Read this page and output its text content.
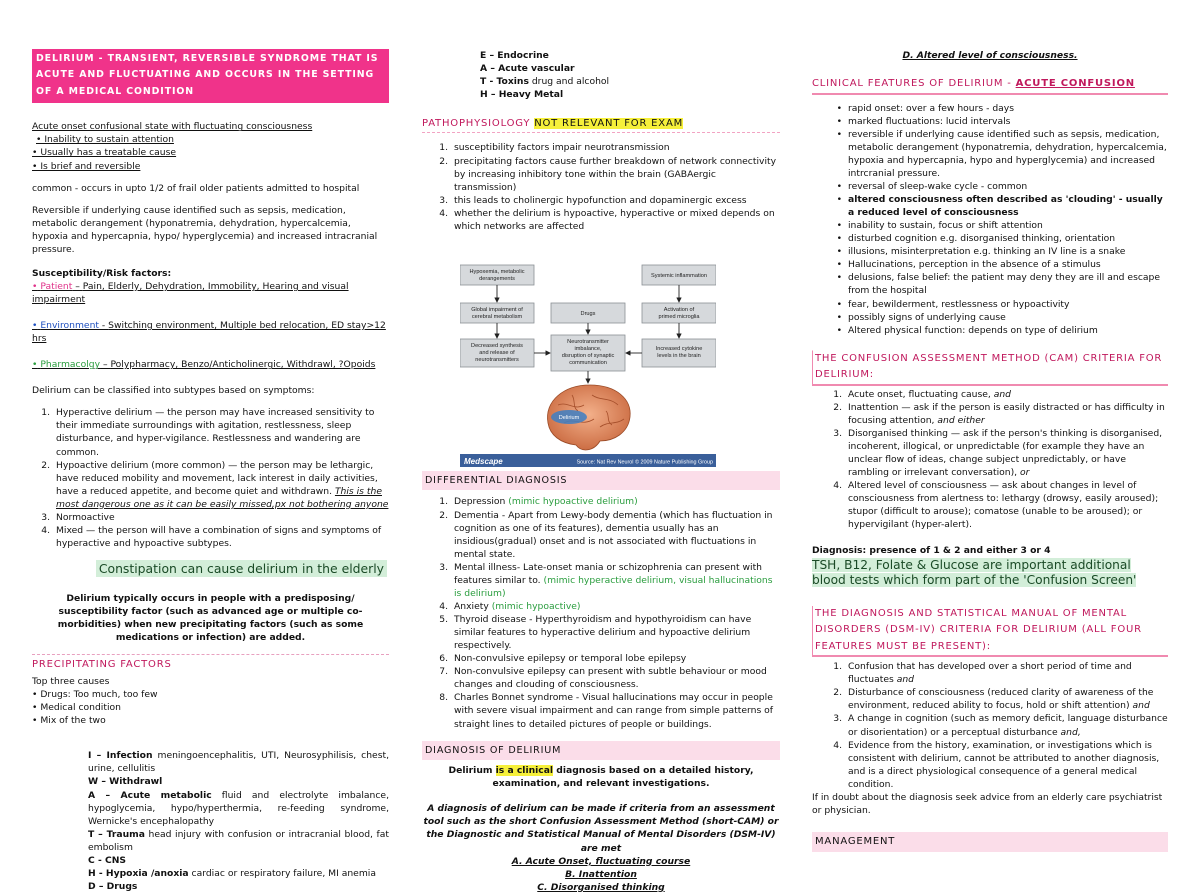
DELIRIUM - TRANSIENT, REVERSIBLE SYNDROME THAT IS ACUTE AND FLUCTUATING AND OCCURS IN THE SETTING OF A MEDICAL CONDITION

Acute onset confusional state with fluctuating consciousness

• Inability to sustain attention

• Usually has a treatable cause

• Is brief and reversible

common - occurs in upto 1/2 of frail older patients admitted to hospital

Reversible if underlying cause identified such as sepsis, medication, metabolic derangement (hyponatremia, dehydration, hypercalcemia, hypoxia and hypercapnia, hypo/ hyperglycemia) and increased intracranial pressure.

Susceptibility/Risk factors:

• Patient – Pain, Elderly, Dehydration, Immobility, Hearing and visual impairment

• Environment - Switching environment, Multiple bed relocation, ED stay>12 hrs

• Pharmacolgy – Polypharmacy, Benzo/Anticholinergic, Withdrawl, ?Opoids

Delirium can be classified into subtypes based on symptoms:

1. Hyperactive delirium — the person may have increased sensitivity to their immediate surroundings with agitation, restlessness, sleep disturbance, and hyper-vigilance. Restlessness and wandering are common.
2. Hypoactive delirium (more common) — the person may be lethargic, have reduced mobility and movement, lack interest in daily activities, have a reduced appetite, and become quiet and withdrawn. This is the most dangerous one as it can be easily missed,px not bothering anyone
3. Normoactive
4. Mixed — the person will have a combination of signs and symptoms of hyperactive and hypoactive subtypes.
Constipation can cause delirium in the elderly

Delirium typically occurs in people with a predisposing/ susceptibility factor (such as advanced age or multiple co-morbidities) when new precipitating factors (such as some medications or infection) are added.

PRECIPITATING FACTORS

Top three causes

• Drugs: Too much, too few

• Medical condition

• Mix of the two

I – Infection meningoencephalitis, UTI, Neurosyphilisis, chest, urine, cellulitis

W – Withdrawl

A – Acute metabolic fluid and electrolyte imbalance, hypoglycemia, hypo/hyperthermia, re-feeding syndrome, Wernicke's encephalopathy

T – Trauma head injury with confusion or intracranial blood, fat embolism

C - CNS

H - Hypoxia /anoxia cardiac or respiratory failure, MI anemia

D – Drugs

E – Endocrine

A – Acute vascular

T - Toxins drug and alcohol

H – Heavy Metal

PATHOPHYSIOLOGY NOT RELEVANT FOR EXAM

1. susceptibility factors impair neurotransmission
2. precipitating factors cause further breakdown of network connectivity by increasing inhibitory tone within the brain (GABAergic transmission)
3. this leads to cholinergic hypofunction and dopaminergic excess
4. whether the delirium is hypoactive, hyperactive or mixed depends on which networks are affected
Hypoxemia, metabolic
derangements	Systemic inflammation
Global impairment of
cerebral metabolism	Drugs
Activation of
primed microglia
Decreased synthesis
and release of
neurotransmitters
Neurotransmitter
imbalance,
disruption of synaptic
communication
Increased cytokine
levels in the brain
Delirium
Medscape	Source: Nat Rev Neurol © 2009 Nature Publishing Group

DIFFERENTIAL DIAGNOSIS

1. Depression (mimic hypoactive delirium)
2. Dementia - Apart from Lewy-body dementia (which has fluctuation in cognition as one of its features), dementia usually has an insidious(gradual) onset and is not associated with fluctuations in mental state.
3. Mental illness- Late-onset mania or schizophrenia can present with features similar to. (mimic hyperactive delirium, visual hallucinations is delirium)
4. Anxiety (mimic hypoactive)
5. Thyroid disease - Hyperthyroidism and hypothyroidism can have similar features to hyperactive delirium and hypoactive delirium respectively.
6. Non-convulsive epilepsy or temporal lobe epilepsy
7. Non-convulsive epilepsy can present with subtle behaviour or mood changes and clouding of consciousness.
8. Charles Bonnet syndrome - Visual hallucinations may occur in people with severe visual impairment and can range from simple patterns of straight lines to detailed pictures of people or buildings.

DIAGNOSIS OF DELIRIUM

Delirium is a clinical diagnosis based on a detailed history, examination, and relevant investigations.

A diagnosis of delirium can be made if criteria from an assessment tool such as the short Confusion Assessment Method (short-CAM) or the Diagnostic and Statistical Manual of Mental Disorders (DSM-IV) are met

A. Acute Onset, fluctuating course

B. Inattention

C. Disorganised thinking

D. Altered level of consciousness.

CLINICAL FEATURES OF DELIRIUM - ACUTE CONFUSION

• rapid onset: over a few hours - days
• marked fluctuations: lucid intervals
• reversible if underlying cause identified such as sepsis, medication, metabolic derangement (hyponatremia, dehydration, hypercalcemia, hypoxia and hypercapnia, hypo and hyperglycemia) and increased intrcranial pressure.
• reversal of sleep-wake cycle - common
• altered consciousness often described as 'clouding' - usually a reduced level of consciousness
• inability to sustain, focus or shift attention
• disturbed cognition e.g. disorganised thinking, orientation
• illusions, misinterpretation e.g. thinking an IV line is a snake
• Hallucinations, perception in the absence of a stimulus
• delusions, false belief: the patient may deny they are ill and escape from the hospital
• fear, bewilderment, restlessness or hypoactivity
• possibly signs of underlying cause
• Altered physical function: depends on type of delirium

THE CONFUSION ASSESSMENT METHOD (CAM) CRITERIA FOR DELIRIUM:

1. Acute onset, fluctuating cause, and
2. Inattention — ask if the person is easily distracted or has difficulty in focusing attention, and either
3. Disorganised thinking — ask if the person's thinking is disorganised, incoherent, illogical, or unpredictable (for example they have an unclear flow of ideas, change subject unpredictably, or have rambling or irrelevant conversation), or
4. Altered level of consciousness — ask about changes in level of consciousness from alertness to: lethargy (drowsy, easily aroused); stupor (difficult to arouse); comatose (unable to be aroused); or hypervigilant (hyper-alert).

Diagnosis: presence of 1 & 2 and either 3 or 4

TSH, B12, Folate & Glucose are important additional blood tests which form part of the 'Confusion Screen'

THE DIAGNOSIS AND STATISTICAL MANUAL OF MENTAL DISORDERS (DSM-IV) CRITERIA FOR DELIRIUM (ALL FOUR FEATURES MUST BE PRESENT):

1. Confusion that has developed over a short period of time and fluctuates and
2. Disturbance of consciousness (reduced clarity of awareness of the environment, reduced ability to focus, hold or shift attention) and
3. A change in cognition (such as memory deficit, language disturbance or disorientation) or a perceptual disturbance and,
4. Evidence from the history, examination, or investigations which is consistent with delirium, cannot be attributed to another diagnosis, and is a direct physiological consequence of a general medical condition.

If in doubt about the diagnosis seek advice from an elderly care psychiatrist or physician.

MANAGEMENT
